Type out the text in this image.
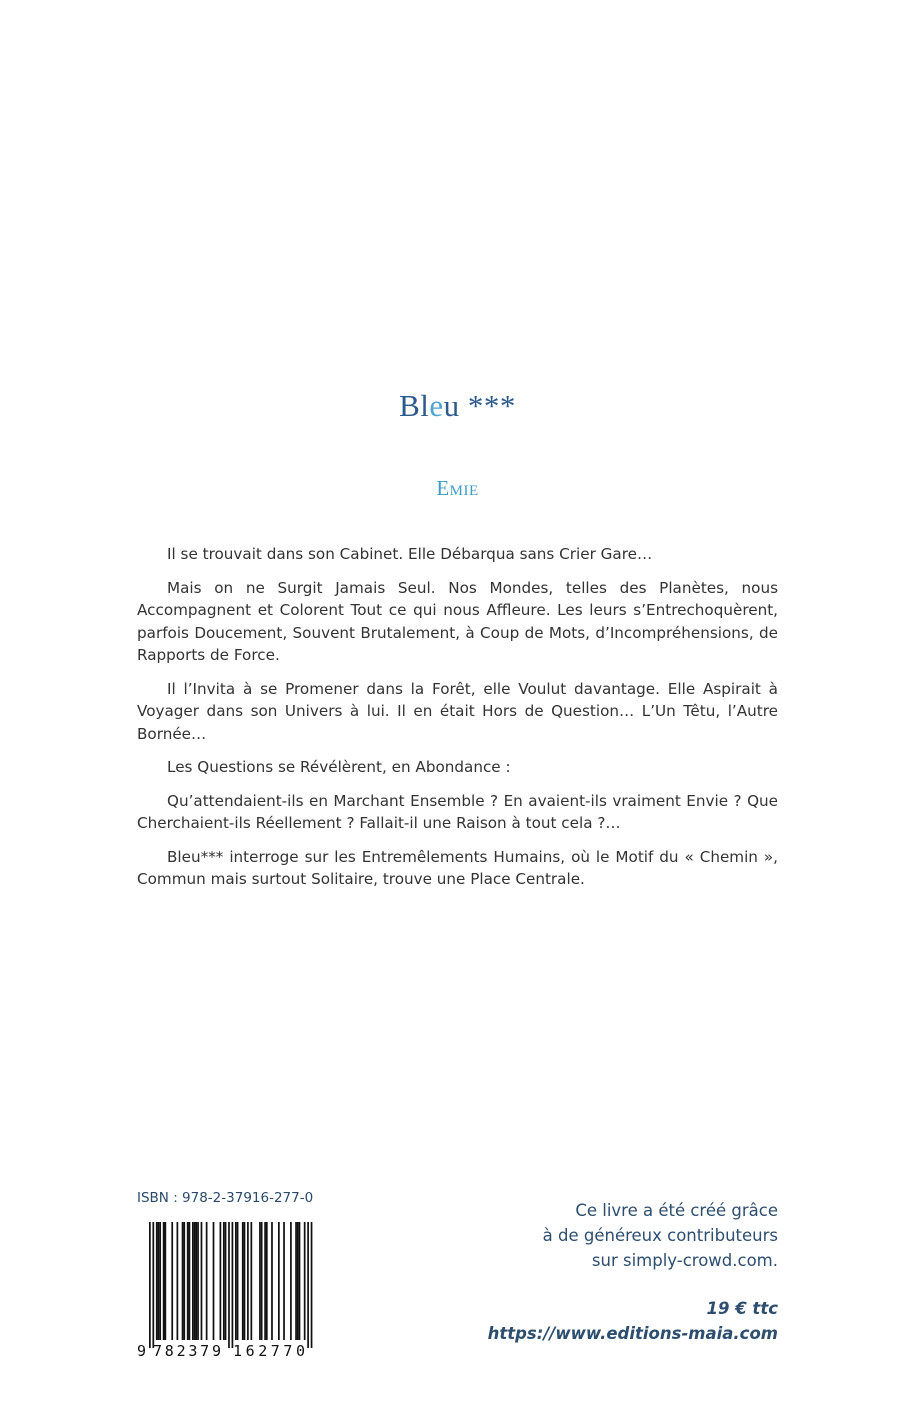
Bleu ***
Emie

Il se trouvait dans son Cabinet. Elle Débarqua sans Crier Gare…

Mais on ne Surgit Jamais Seul. Nos Mondes, telles des Planètes, nous Accompagnent et Colorent Tout ce qui nous Affleure. Les leurs s’Entrechoquèrent, parfois Doucement, Souvent Brutalement, à Coup de Mots, d’Incompréhensions, de Rapports de Force.

Il l’Invita à se Promener dans la Forêt, elle Voulut davantage. Elle Aspirait à Voyager dans son Univers à lui. Il en était Hors de Question… L’Un Têtu, l’Autre Bornée…

Les Questions se Révélèrent, en Abondance :

Qu’attendaient-ils en Marchant Ensemble ? En avaient-ils vraiment Envie ? Que Cherchaient-ils Réellement ? Fallait-il une Raison à tout cela ?…

Bleu*** interroge sur les Entremêlements Humains, où le Motif du « Chemin », Commun mais surtout Solitaire, trouve une Place Centrale.

ISBN : 978-2-37916-277-0
9 782379 162770
Ce livre a été créé grâce
à de généreux contributeurs
sur simply-crowd.com.
19 € ttc
https://www.editions-maia.com
